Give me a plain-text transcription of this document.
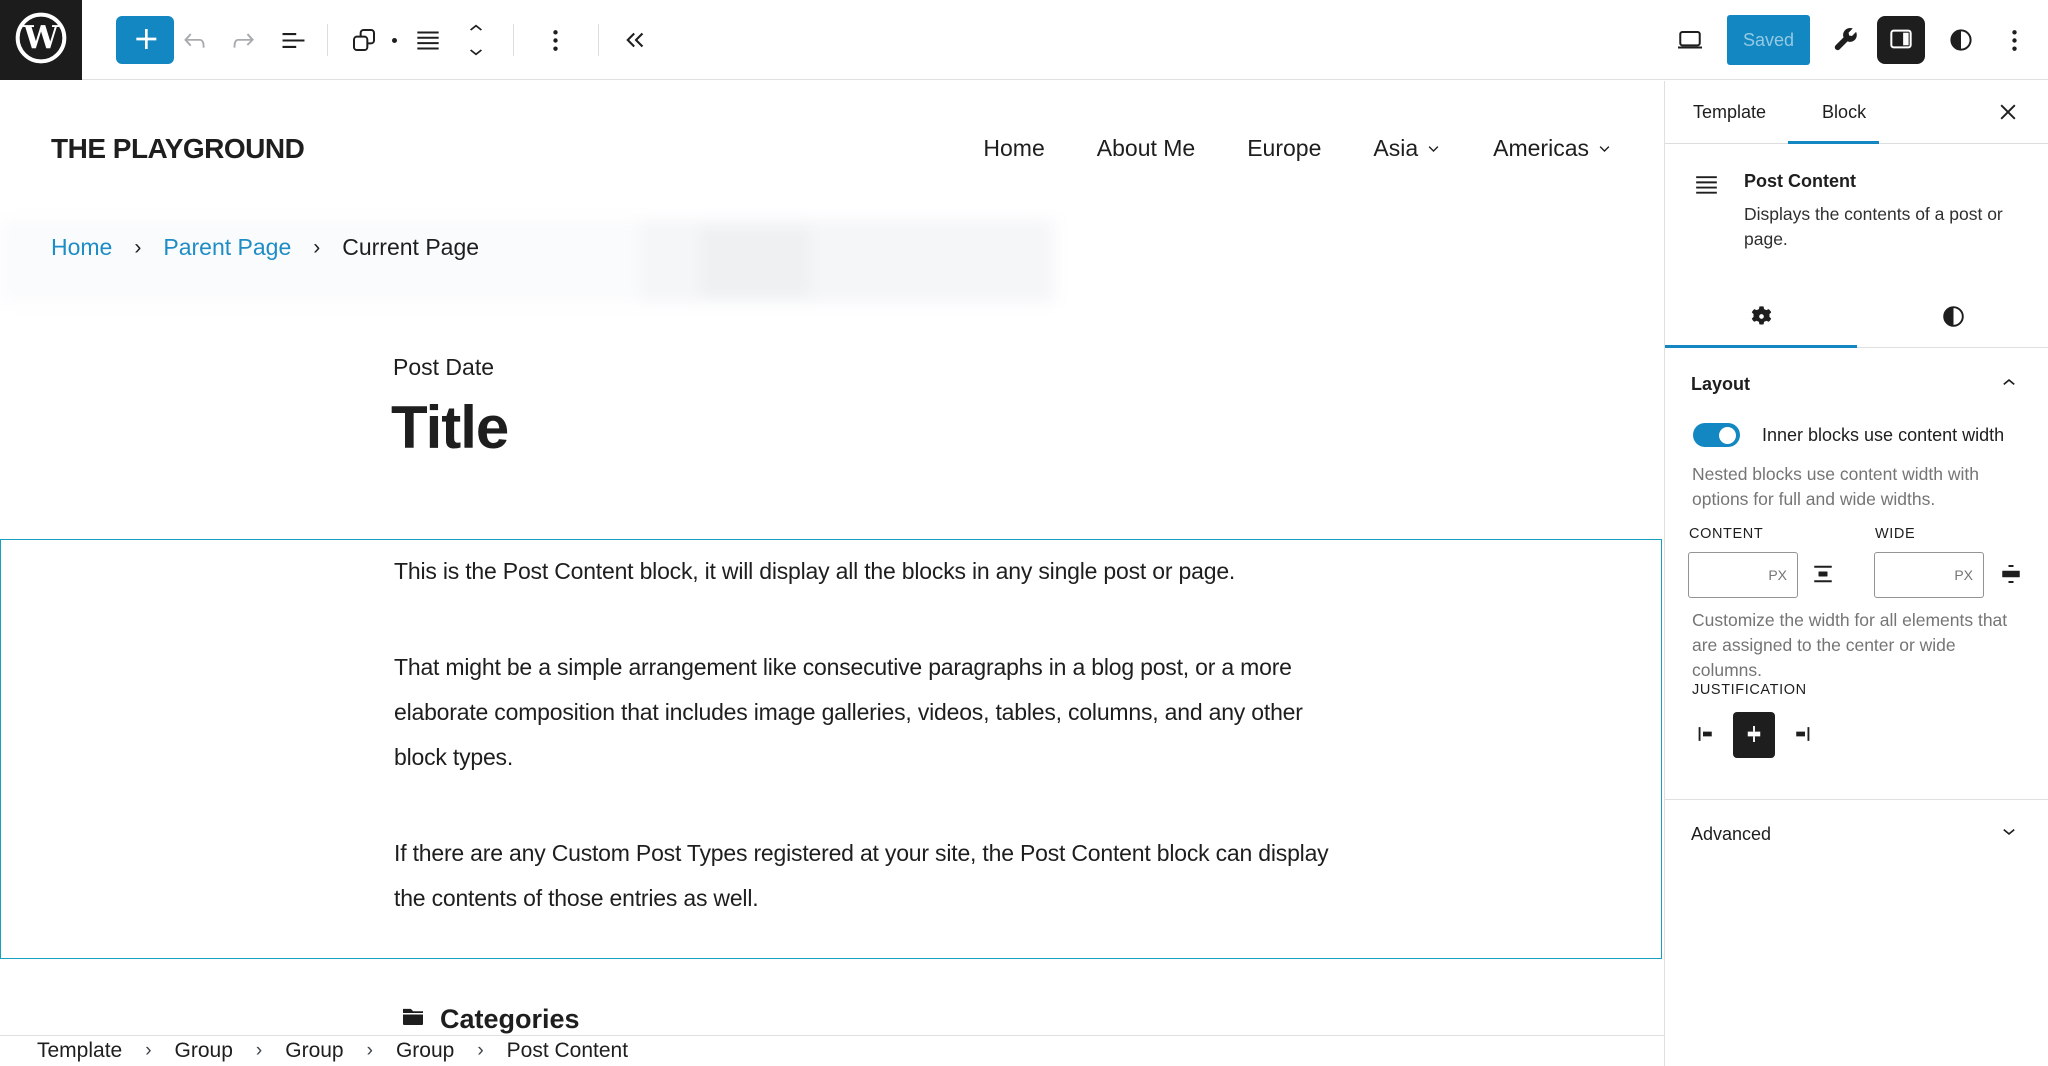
W	Saved
THE PLAYGROUND	Home About Me Europe Asia	Americas
Home › Parent Page › Current Page
Post Date
Title

This is the Post Content block, it will display all the blocks in any single post or page.

That might be a simple arrangement like consecutive paragraphs in a blog post, or a more elaborate composition that includes image galleries, videos, tables, columns, and any other block types.

If there are any Custom Post Types registered at your site, the Post Content block can display the contents of those entries as well.

Categories
Template	Block
Post Content
Displays the contents of a post or page.
Layout
Inner blocks use content width
Nested blocks use content width with options for full and wide widths.
CONTENT	WIDE
PX	PX
Customize the width for all elements that are assigned to the center or wide columns.
JUSTIFICATION
Advanced
Template › Group › Group › Group › Post Content
